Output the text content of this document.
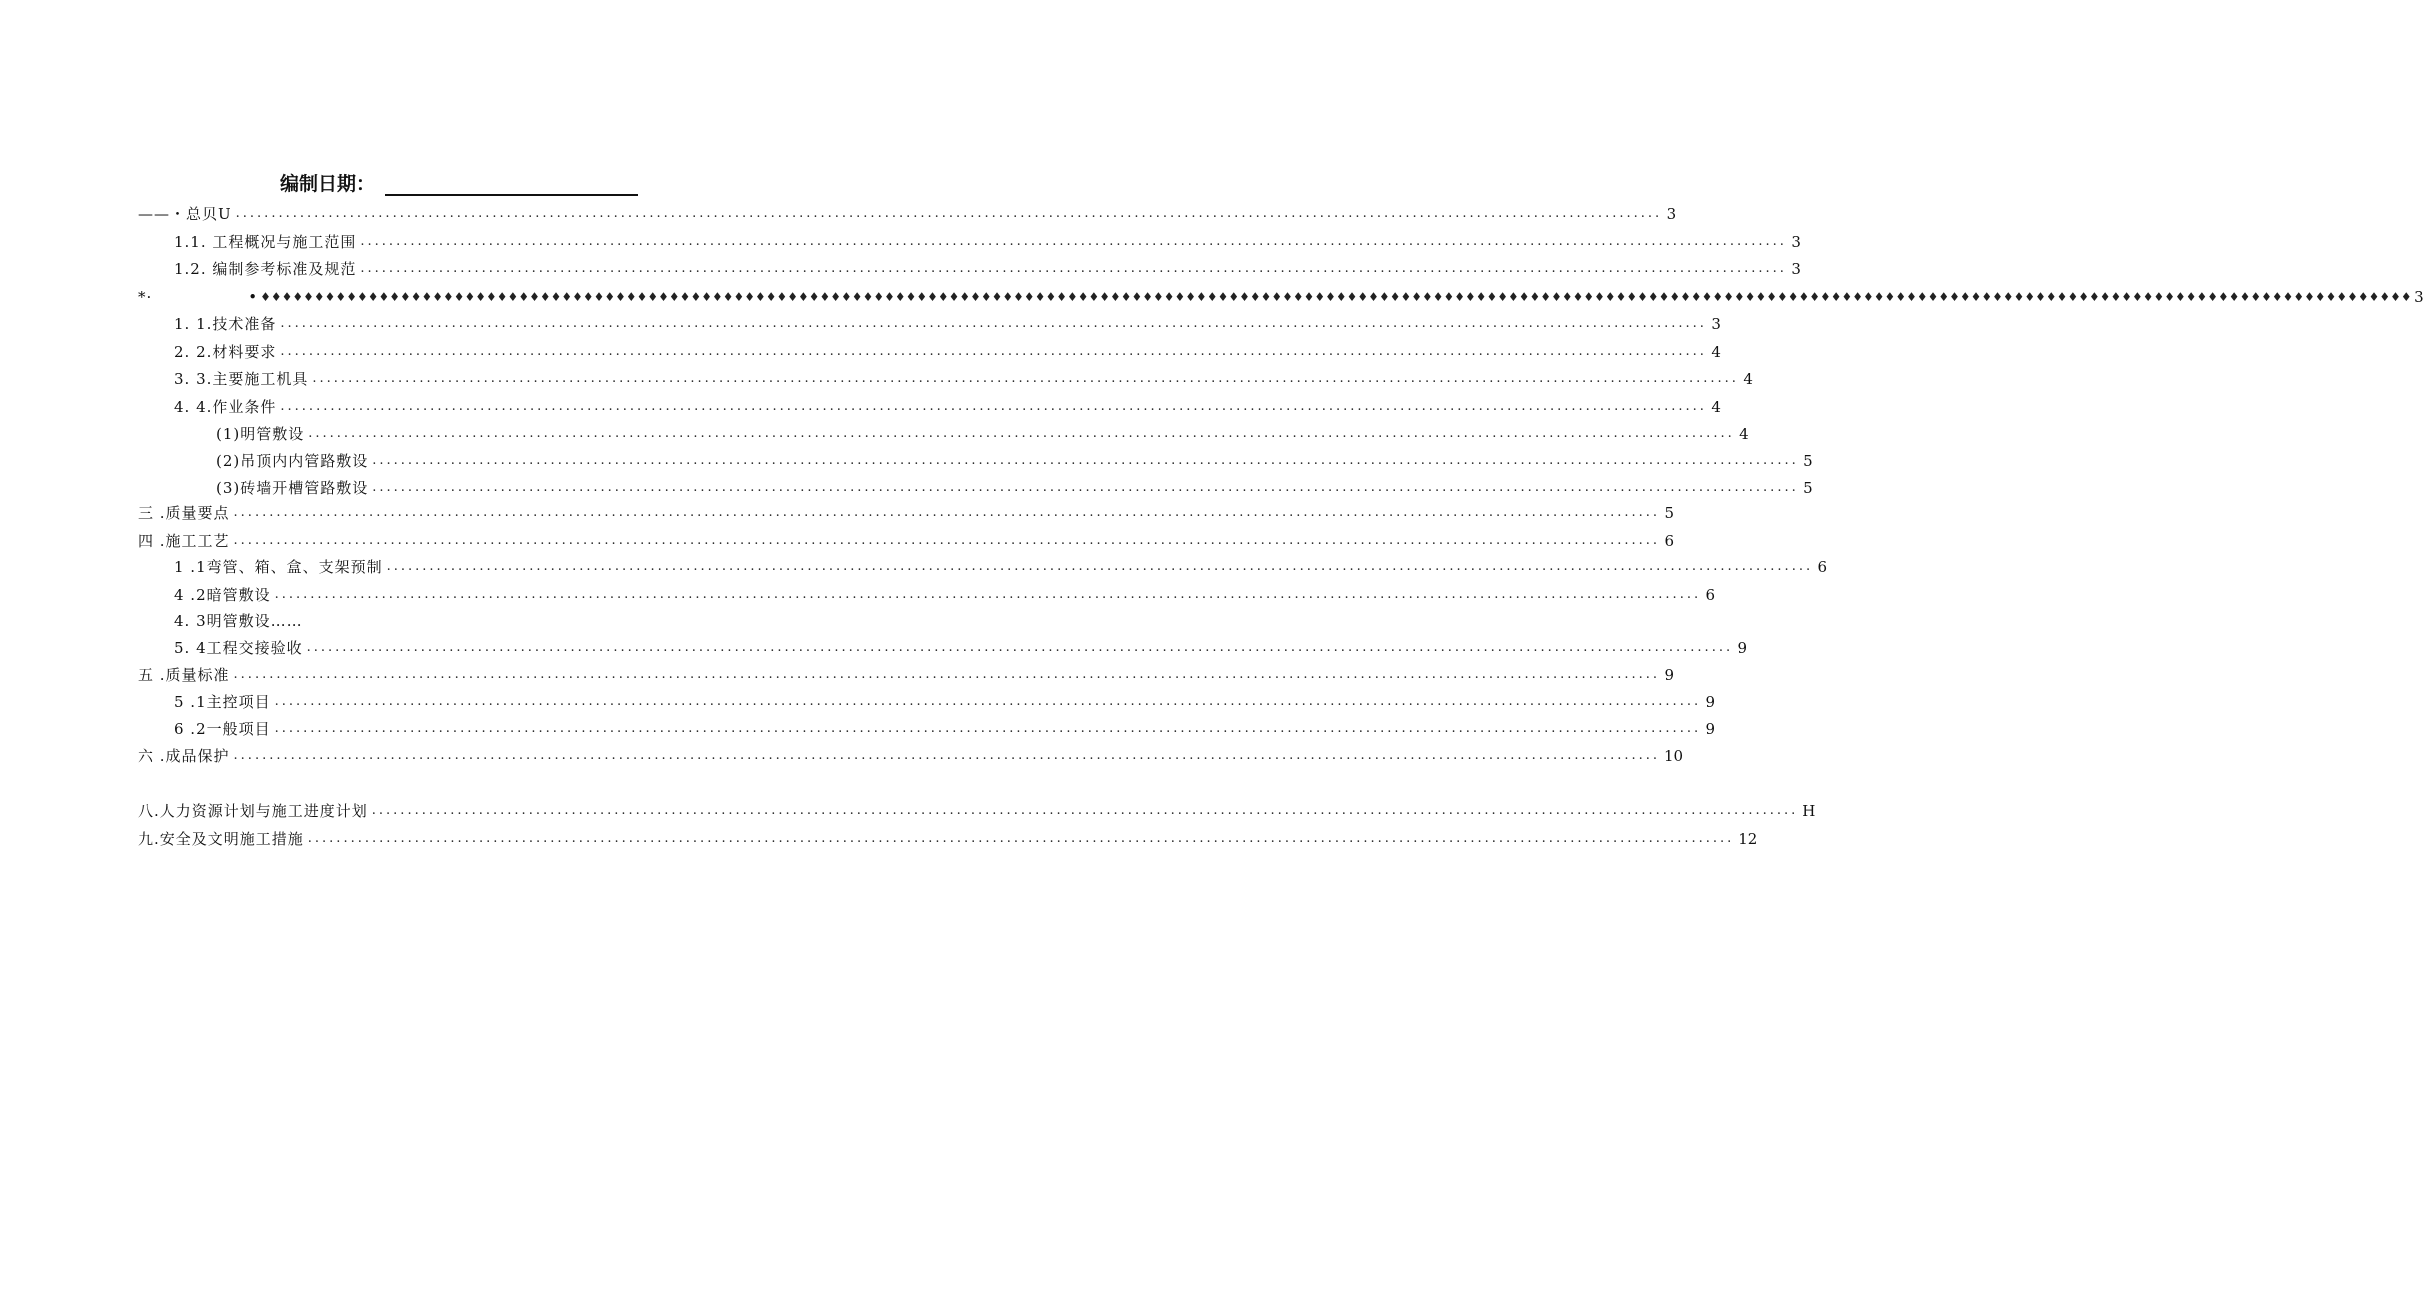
编制日期：
——・总贝U ........................................................................................................................................................................................................ 3
1.1. 工程概况与施工范围 ........................................................................................................................................................................................................ 3
1.2. 编制参考标准及规范 ........................................................................................................................................................................................................ 3
*·　　　　　　• ♦♦♦♦♦♦♦♦♦♦♦♦♦♦♦♦♦♦♦♦♦♦♦♦♦♦♦♦♦♦♦♦♦♦♦♦♦♦♦♦♦♦♦♦♦♦♦♦♦♦♦♦♦♦♦♦♦♦♦♦♦♦♦♦♦♦♦♦♦♦♦♦♦♦♦♦♦♦♦♦♦♦♦♦♦♦♦♦♦♦♦♦♦♦♦♦♦♦♦♦♦♦♦♦♦♦♦♦♦♦♦♦♦♦♦♦♦♦♦♦♦♦♦♦♦♦♦♦♦♦♦♦♦♦♦♦♦♦♦♦♦♦♦♦♦♦♦♦♦♦♦♦♦♦♦♦♦♦♦♦♦♦♦♦♦♦♦♦♦♦♦♦♦♦♦♦♦♦♦♦♦♦♦♦♦♦♦♦♦♦♦♦♦♦♦♦♦♦♦♦ 3
1. 1.技术准备 ........................................................................................................................................................................................................ 3
2. 2.材料要求 ........................................................................................................................................................................................................ 4
3. 3.主要施工机具 ........................................................................................................................................................................................................ 4
4. 4.作业条件 ........................................................................................................................................................................................................ 4
(1)明管敷设 ........................................................................................................................................................................................................ 4
(2)吊顶内内管路敷设 ........................................................................................................................................................................................................ 5
(3)砖墙开槽管路敷设 ........................................................................................................................................................................................................ 5
三 .质量要点 ........................................................................................................................................................................................................ 5
四 .施工工艺 ........................................................................................................................................................................................................ 6
1 .1弯管、箱、盒、支架预制 ........................................................................................................................................................................................................ 6
4 .2暗管敷设 ........................................................................................................................................................................................................ 6
4. 3明管敷设……
5. 4工程交接验收 ........................................................................................................................................................................................................ 9
五 .质量标准 ........................................................................................................................................................................................................ 9
5 .1主控项目 ........................................................................................................................................................................................................ 9
6 .2一般项目 ........................................................................................................................................................................................................ 9
六 .成品保护 ........................................................................................................................................................................................................ 10
八.人力资源计划与施工进度计划 ........................................................................................................................................................................................................ H
九.安全及文明施工措施 ........................................................................................................................................................................................................ 12
